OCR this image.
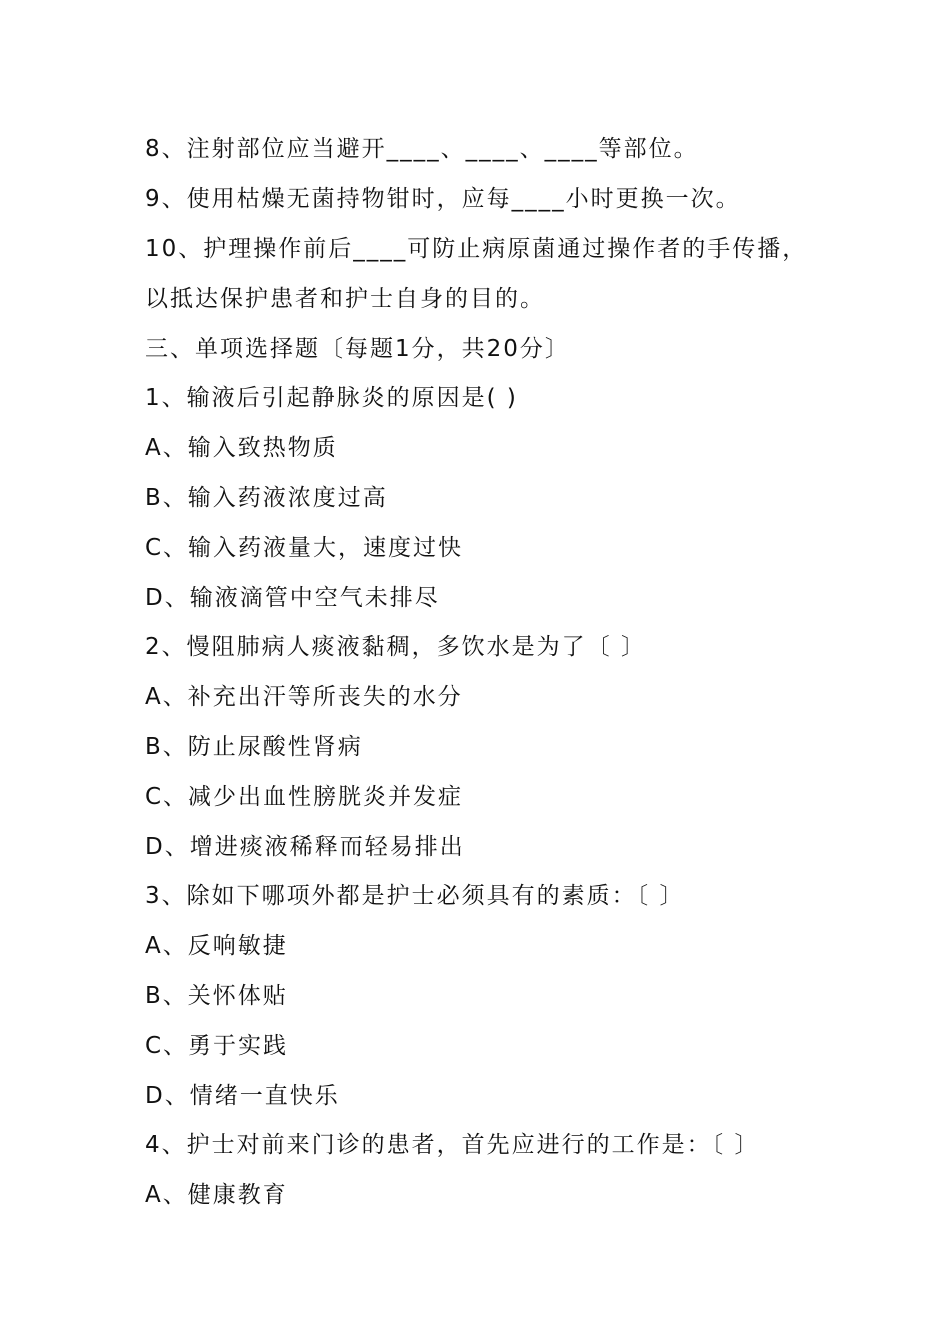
8、注射部位应当避开____、____、____等部位。
9、使用枯燥无菌持物钳时，应每____小时更换一次。
10、护理操作前后____可防止病原菌通过操作者的手传播，
以抵达保护患者和护士自身的目的。
三、单项选择题〔每题1分，共20分〕
1、输液后引起静脉炎的原因是( )
A、输入致热物质
B、输入药液浓度过高
C、输入药液量大，速度过快
D、输液滴管中空气未排尽
2、慢阻肺病人痰液黏稠，多饮水是为了〔 〕
A、补充出汗等所丧失的水分
B、防止尿酸性肾病
C、减少出血性膀胱炎并发症
D、增进痰液稀释而轻易排出
3、除如下哪项外都是护士必须具有的素质：〔 〕
A、反响敏捷
B、关怀体贴
C、勇于实践
D、情绪一直快乐
4、护士对前来门诊的患者，首先应进行的工作是：〔 〕
A、健康教育
